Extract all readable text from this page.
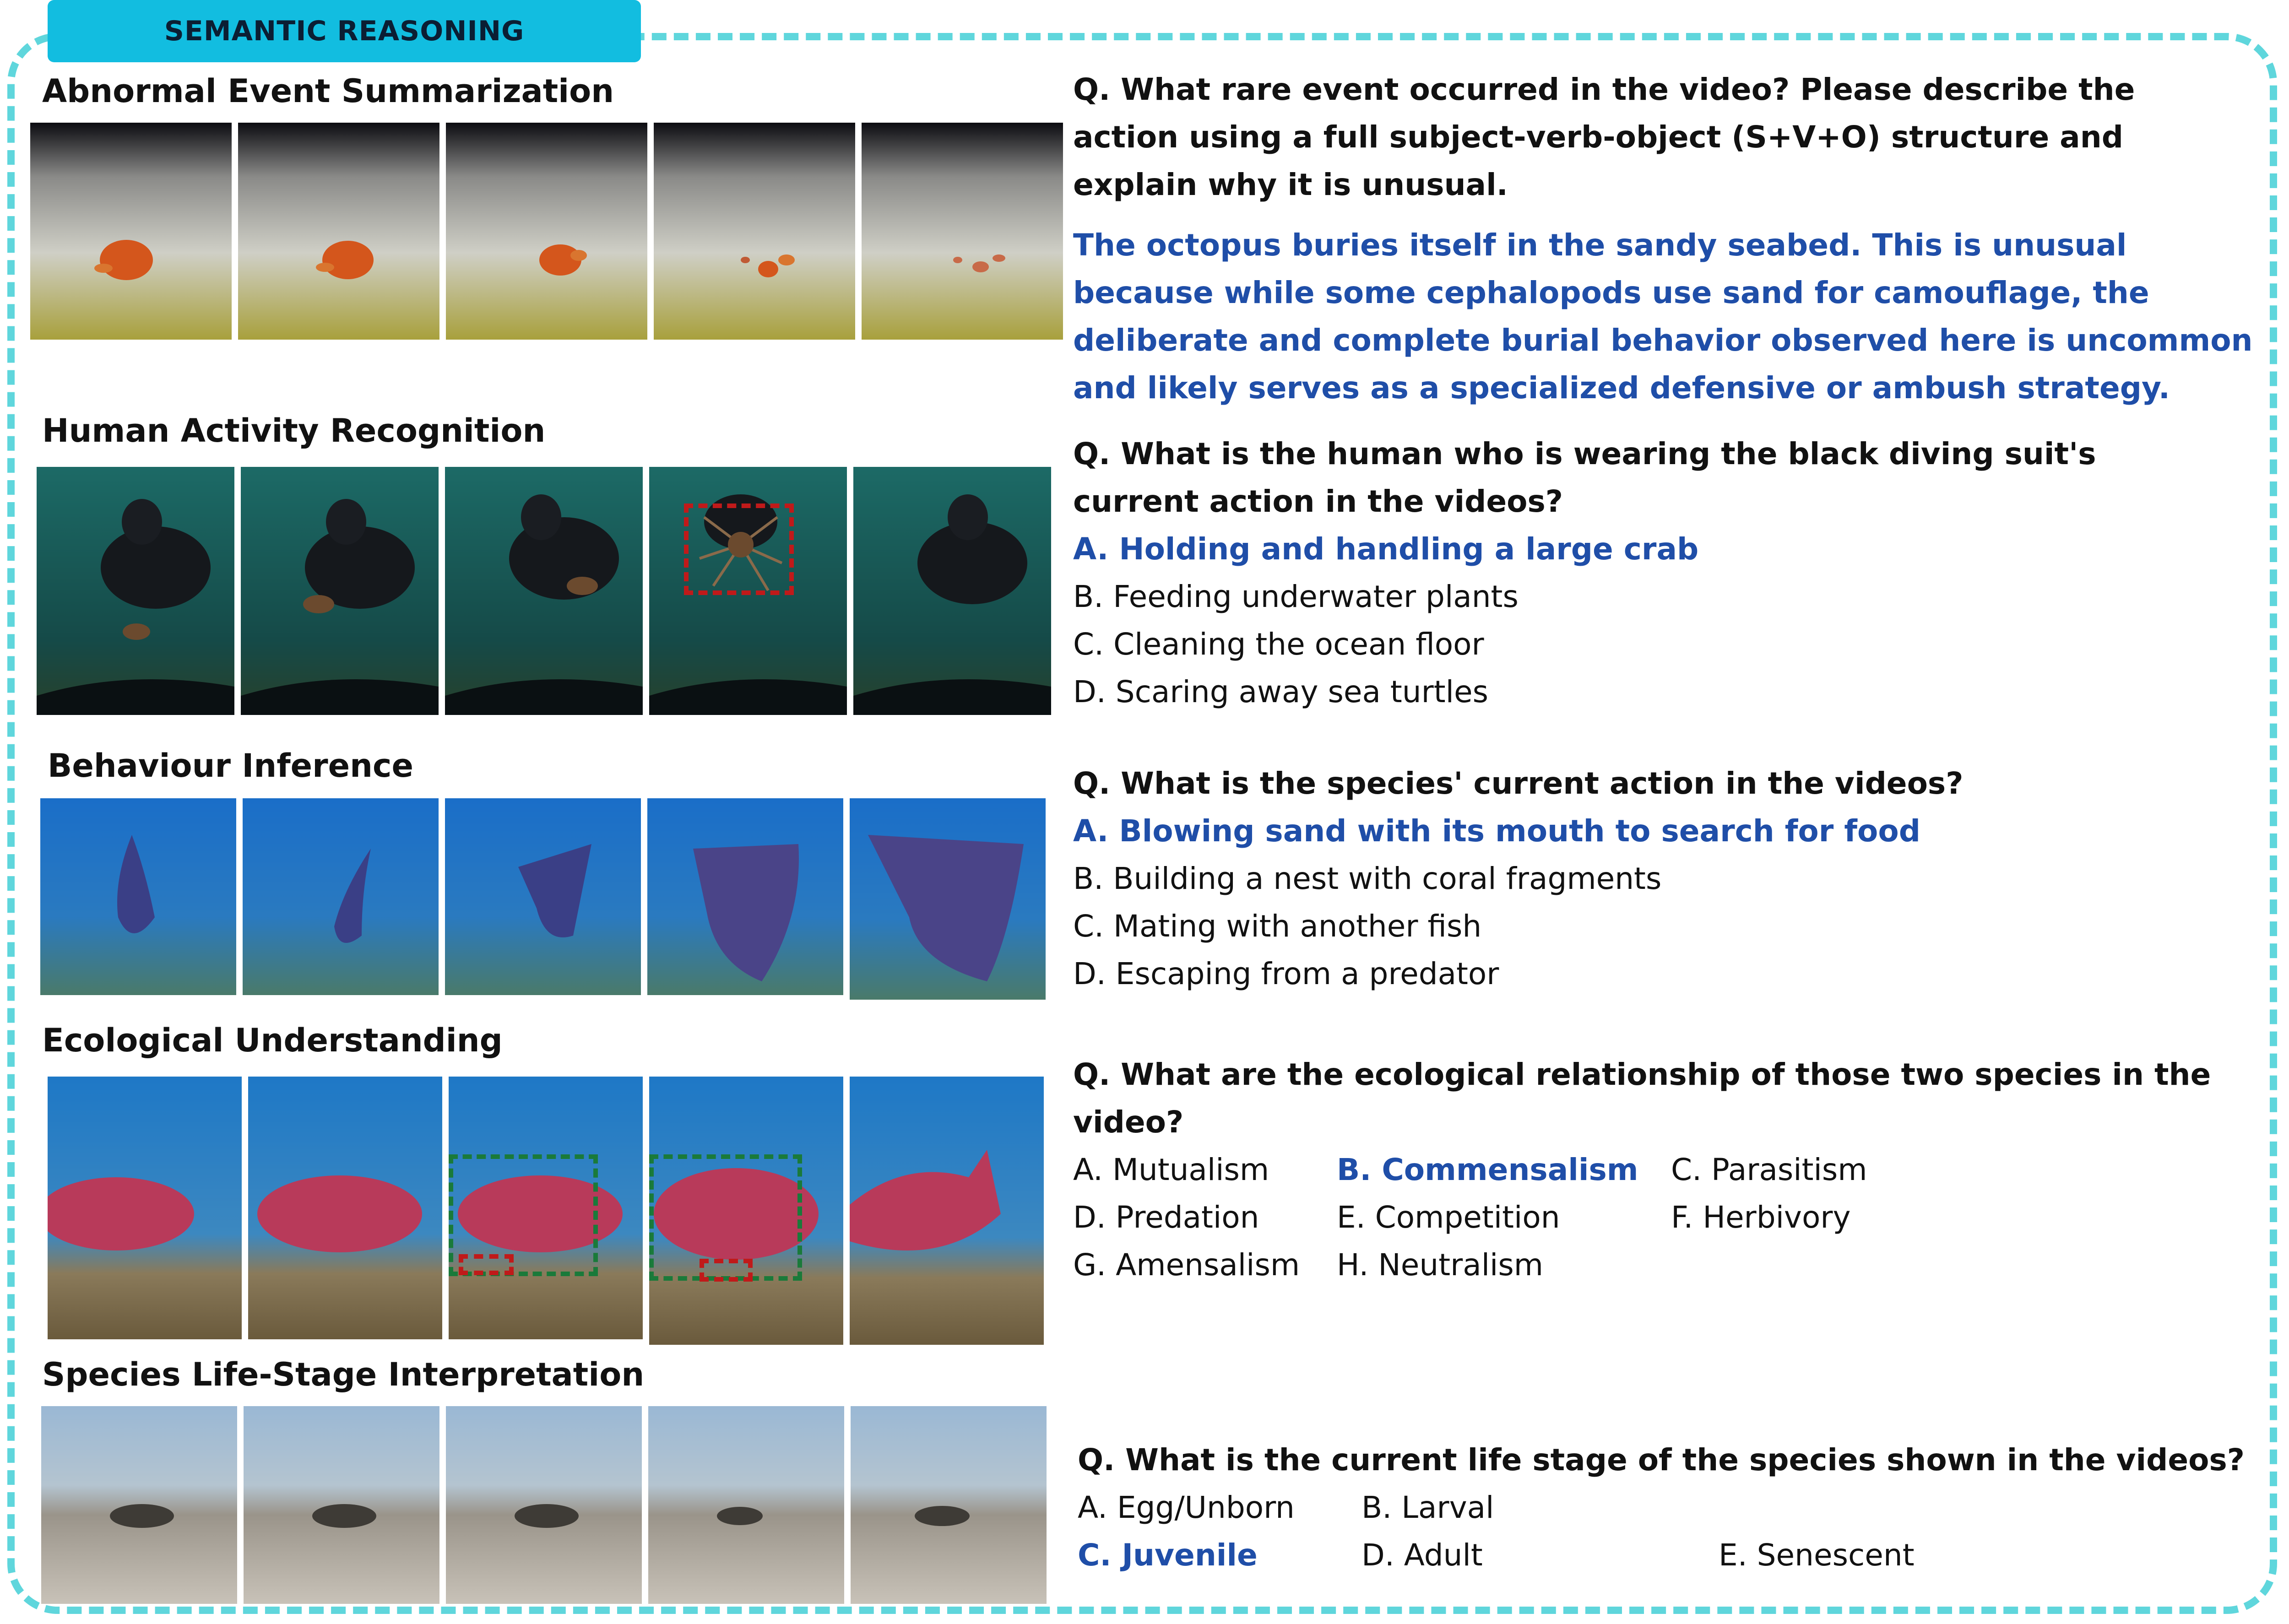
SEMANTIC REASONING
Abnormal Event Summarization	Q. What rare event occurred in the video? Please describe the
action using a full subject-verb-object (S+V+O) structure and
explain why it is unusual.
The octopus buries itself in the sandy seabed. This is unusual
because while some cephalopods use sand for camouflage, the
deliberate and complete burial behavior observed here is uncommon
and likely serves as a specialized defensive or ambush strategy.
Human Activity Recognition
Q. What is the human who is wearing the black diving suit's
current action in the videos?
A. Holding and handling a large crab
B. Feeding underwater plants
C. Cleaning the ocean floor
D. Scaring away sea turtles
Behaviour Inference	Q. What is the species' current action in the videos?
A. Blowing sand with its mouth to search for food
B. Building a nest with coral fragments
C. Mating with another fish
D. Escaping from a predator
Ecological Understanding
Q. What are the ecological relationship of those two species in the
video?
A. Mutualism	B. Commensalism	C. Parasitism
D. Predation	E. Competition	F. Herbivory
G. Amensalism	H. Neutralism
Species Life-Stage Interpretation
Q. What is the current life stage of the species shown in the videos?
A. Egg/Unborn	B. Larval
C. Juvenile	D. Adult	E. Senescent
